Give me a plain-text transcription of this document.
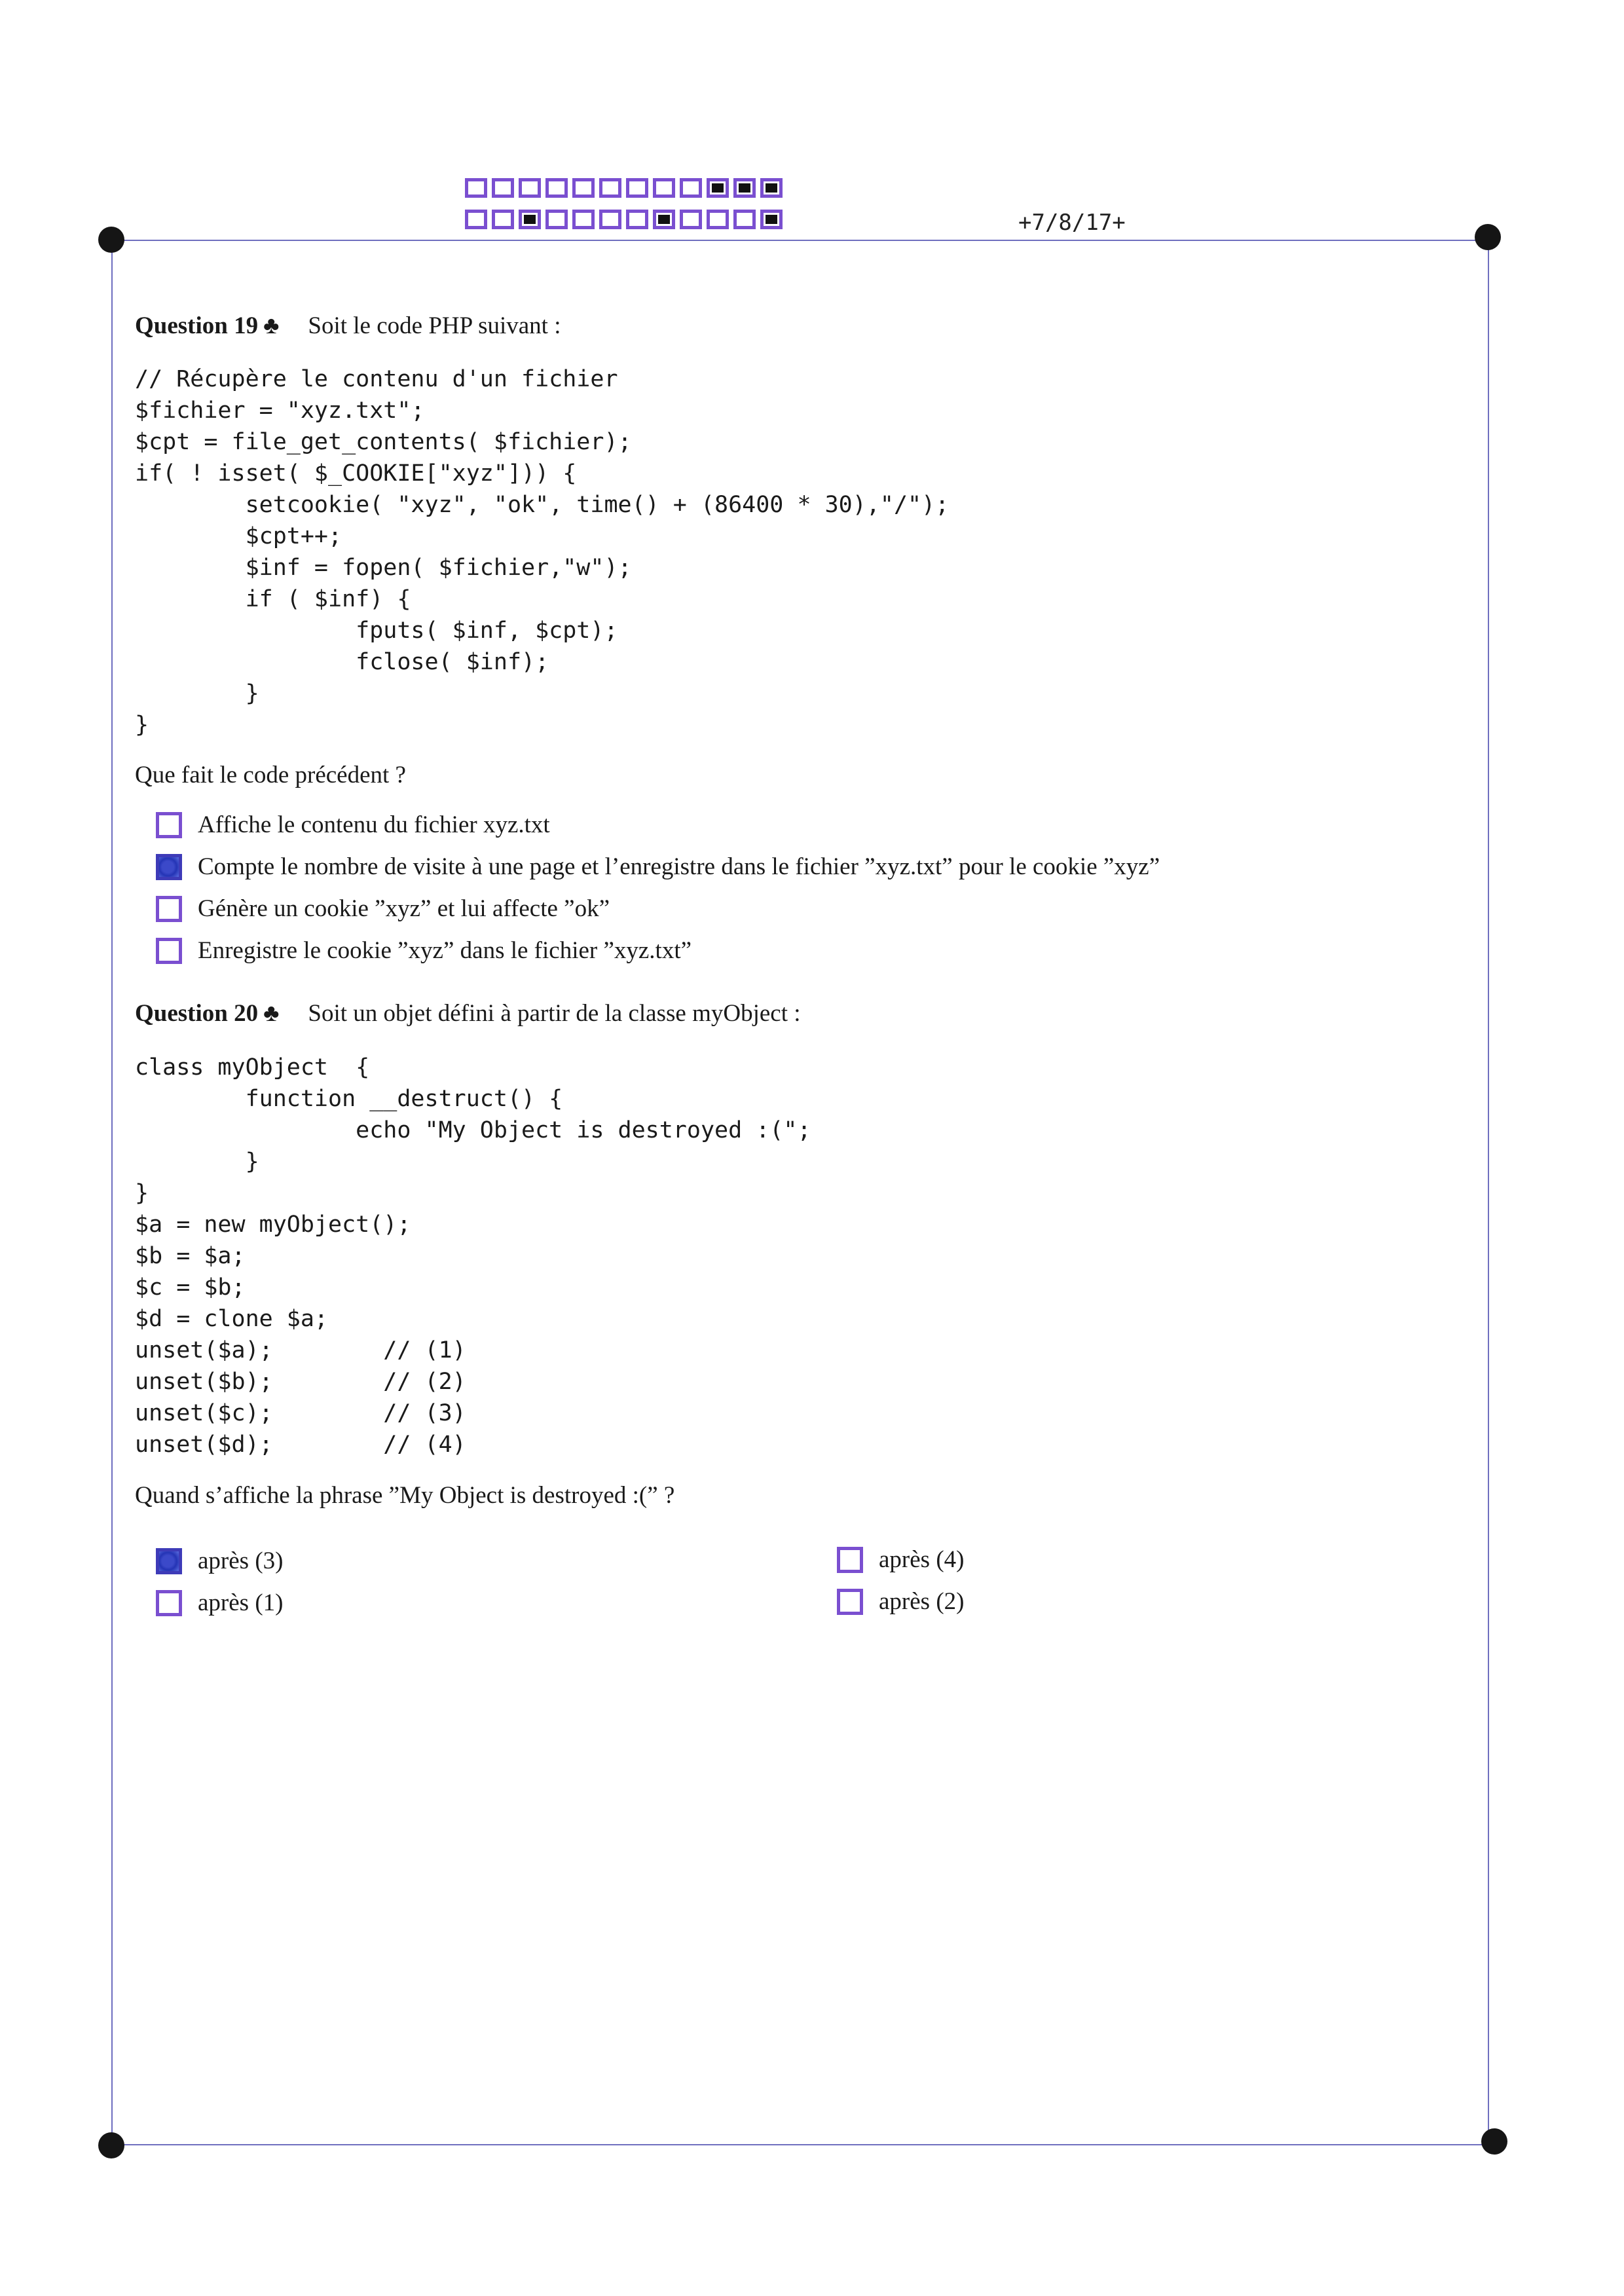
+7/8/17+
Question 19 ♣ Soit le code PHP suivant :
// Récupère le contenu d'un fichier
$fichier = "xyz.txt";
$cpt = file_get_contents( $fichier);
if( ! isset( $_COOKIE["xyz"])) {
setcookie( "xyz", "ok", time() + (86400 * 30),"/");
$cpt++;
$inf = fopen( $fichier,"w");
if ( $inf) {
fputs( $inf, $cpt);
fclose( $inf);
}
}
Que fait le code précédent ?
Affiche le contenu du fichier xyz.txt
Compte le nombre de visite à une page et l’enregistre dans le fichier ”xyz.txt” pour le cookie ”xyz”
Génère un cookie ”xyz” et lui affecte ”ok”
Enregistre le cookie ”xyz” dans le fichier ”xyz.txt”
Question 20 ♣ Soit un objet défini à partir de la classe myObject :
class myObject  {
function __destruct() {
echo "My Object is destroyed :(";
}
}
$a = new myObject();
$b = $a;
$c = $b;
$d = clone $a;
unset($a);        // (1)
unset($b);        // (2)
unset($c);        // (3)
unset($d);        // (4)
Quand s’affiche la phrase ”My Object is destroyed :(” ?
après (3)
après (1)
après (4)
après (2)
